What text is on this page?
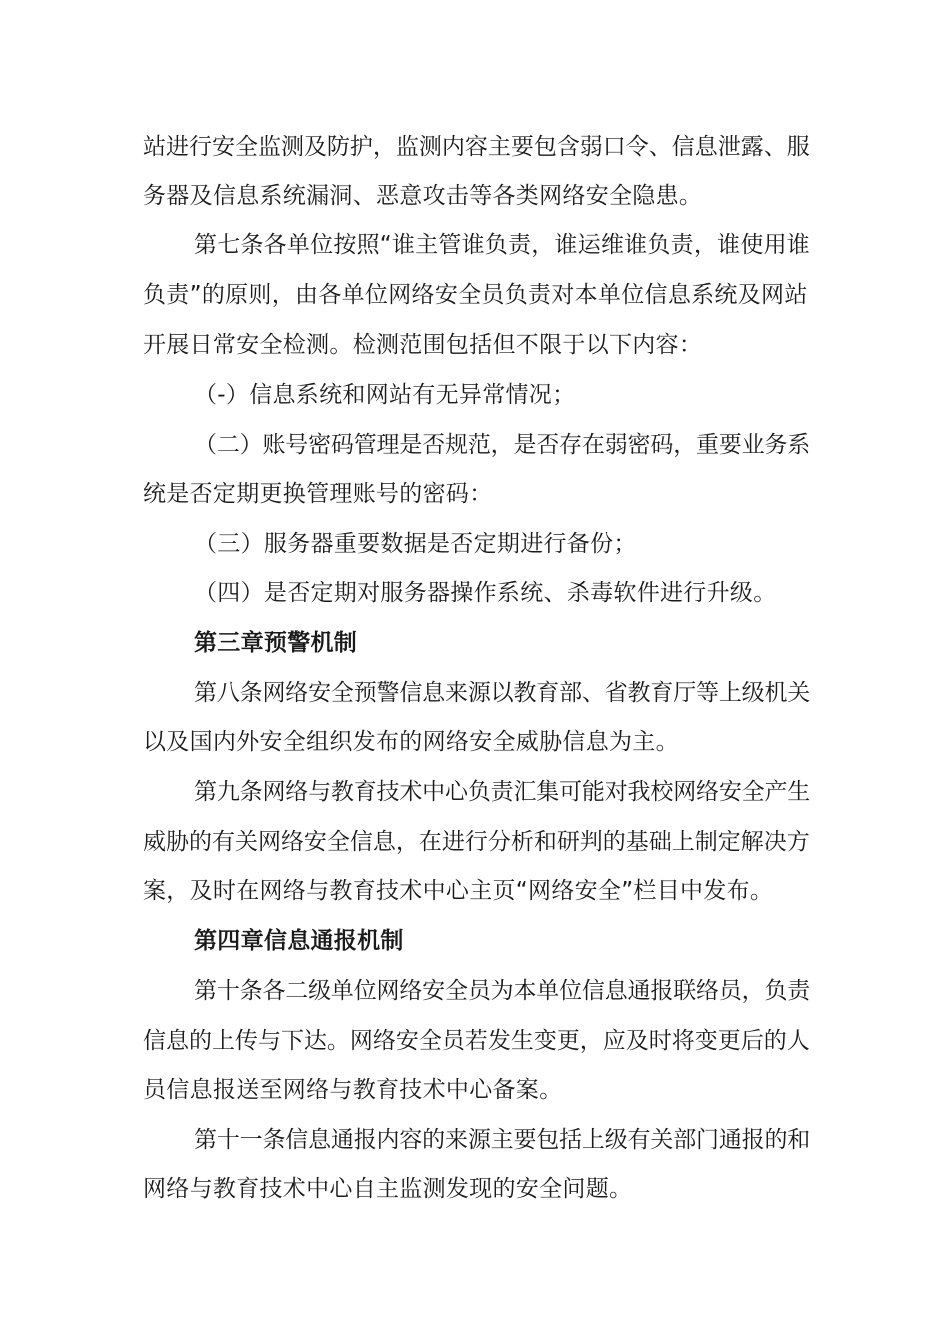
站进行安全监测及防护，监测内容主要包含弱口令、信息泄露、服
务器及信息系统漏洞、恶意攻击等各类网络安全隐患。
第七条各单位按照“谁主管谁负责，谁运维谁负责，谁使用谁
负责”的原则，由各单位网络安全员负责对本单位信息系统及网站
开展日常安全检测。检测范围包括但不限于以下内容：
（-）信息系统和网站有无异常情况；
（二）账号密码管理是否规范，是否存在弱密码，重要业务系
统是否定期更换管理账号的密码：
（三）服务器重要数据是否定期进行备份；
（四）是否定期对服务器操作系统、杀毒软件进行升级。
第三章预警机制
第八条网络安全预警信息来源以教育部、省教育厅等上级机关
以及国内外安全组织发布的网络安全威胁信息为主。
第九条网络与教育技术中心负责汇集可能对我校网络安全产生
威胁的有关网络安全信息，在进行分析和研判的基础上制定解决方
案，及时在网络与教育技术中心主页“网络安全”栏目中发布。
第四章信息通报机制
第十条各二级单位网络安全员为本单位信息通报联络员，负责
信息的上传与下达。网络安全员若发生变更，应及时将变更后的人
员信息报送至网络与教育技术中心备案。
第十一条信息通报内容的来源主要包括上级有关部门通报的和
网络与教育技术中心自主监测发现的安全问题。
